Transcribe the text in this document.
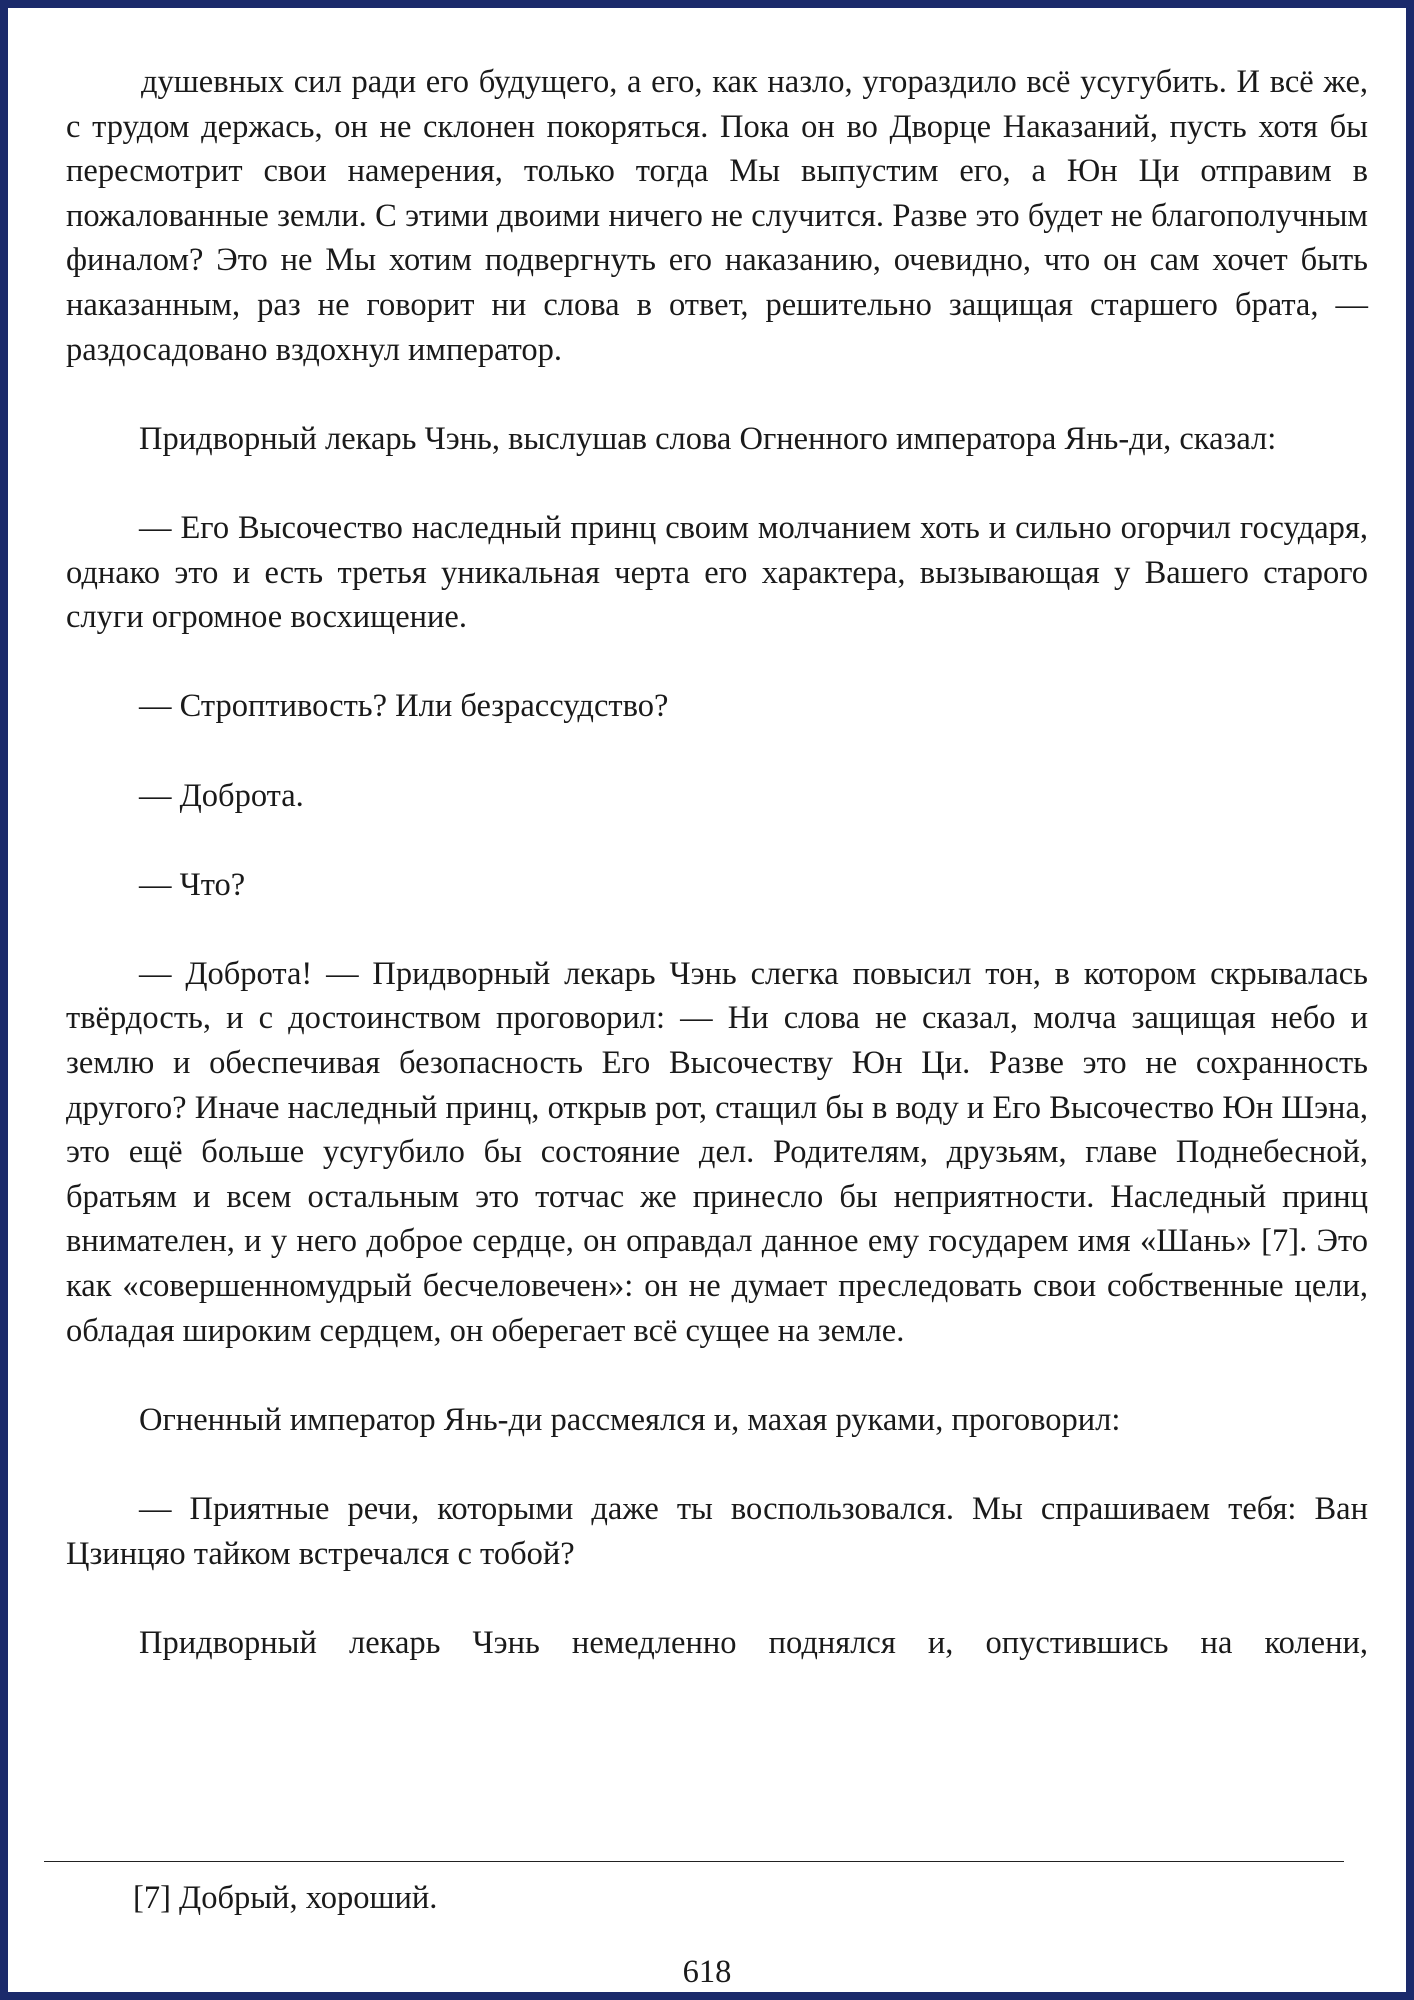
душевных сил ради его будущего, а его, как назло, угораздило всё усугубить. И всё же, с трудом держась, он не склонен покоряться. Пока он во Дворце Наказаний, пусть хотя бы пересмотрит свои намерения, только тогда Мы выпустим его, а Юн Ци отправим в пожалованные земли. С этими двоими ничего не случится. Разве это будет не благополучным финалом? Это не Мы хотим подвергнуть его наказанию, очевидно, что он сам хочет быть наказанным, раз не говорит ни слова в ответ, решительно защищая старшего брата, — раздосадовано вздохнул император.

Придворный лекарь Чэнь, выслушав слова Огненного императора Янь-ди, сказал:

— Его Высочество наследный принц своим молчанием хоть и сильно огорчил государя, однако это и есть третья уникальная черта его характера, вызывающая у Вашего старого слуги огромное восхищение.

— Строптивость? Или безрассудство?

— Доброта.

— Что?

— Доброта! — Придворный лекарь Чэнь слегка повысил тон, в котором скрывалась твёрдость, и с достоинством проговорил: — Ни слова не сказал, молча защищая небо и землю и обеспечивая безопасность Его Высочеству Юн Ци. Разве это не сохранность другого? Иначе наследный принц, открыв рот, стащил бы в воду и Его Высочество Юн Шэна, это ещё больше усугубило бы состояние дел. Родителям, друзьям, главе Поднебесной, братьям и всем остальным это тотчас же принесло бы неприятности. Наследный принц внимателен, и у него доброе сердце, он оправдал данное ему государем имя «Шань» [7]. Это как «совершенномудрый бесчеловечен»: он не думает преследовать свои собственные цели, обладая широким сердцем, он оберегает всё сущее на земле.

Огненный император Янь-ди рассмеялся и, махая руками, проговорил:

— Приятные речи, которыми даже ты воспользовался. Мы спрашиваем тебя: Ван Цзинцяо тайком встречался с тобой?

Придворный лекарь Чэнь немедленно поднялся и, опустившись на колени,

[7] Добрый, хороший.
618
